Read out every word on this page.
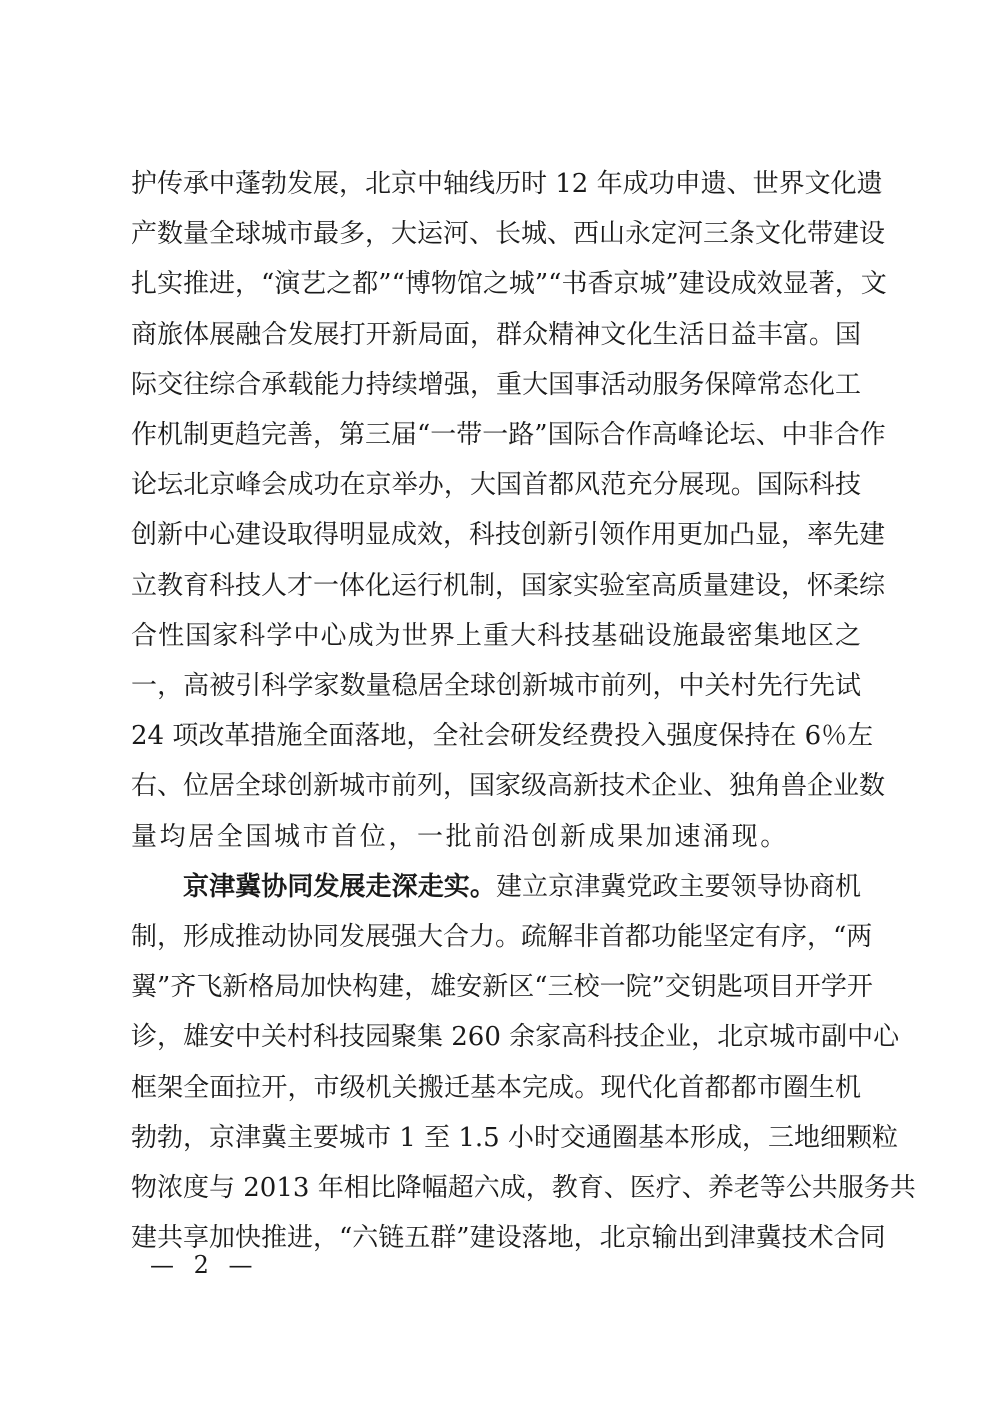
护传承中蓬勃发展，北京中轴线历时 12 年成功申遗、世界文化遗
产数量全球城市最多，大运河、长城、西山永定河三条文化带建设
扎实推进，“演艺之都”“博物馆之城”“书香京城”建设成效显著，文
商旅体展融合发展打开新局面，群众精神文化生活日益丰富。国
际交往综合承载能力持续增强，重大国事活动服务保障常态化工
作机制更趋完善，第三届“一带一路”国际合作高峰论坛、中非合作
论坛北京峰会成功在京举办，大国首都风范充分展现。国际科技
创新中心建设取得明显成效，科技创新引领作用更加凸显，率先建
立教育科技人才一体化运行机制，国家实验室高质量建设，怀柔综
合性国家科学中心成为世界上重大科技基础设施最密集地区之
一，高被引科学家数量稳居全球创新城市前列，中关村先行先试
24 项改革措施全面落地，全社会研发经费投入强度保持在 6％左
右、位居全球创新城市前列，国家级高新技术企业、独角兽企业数
量均居全国城市首位，一批前沿创新成果加速涌现。
京津冀协同发展走深走实。建立京津冀党政主要领导协商机
制，形成推动协同发展强大合力。疏解非首都功能坚定有序，“两
翼”齐飞新格局加快构建，雄安新区“三校一院”交钥匙项目开学开
诊，雄安中关村科技园聚集 260 余家高科技企业，北京城市副中心
框架全面拉开，市级机关搬迁基本完成。现代化首都都市圈生机
勃勃，京津冀主要城市 1 至 1.5 小时交通圈基本形成，三地细颗粒
物浓度与 2013 年相比降幅超六成，教育、医疗、养老等公共服务共
建共享加快推进，“六链五群”建设落地，北京输出到津冀技术合同
— 2 —
